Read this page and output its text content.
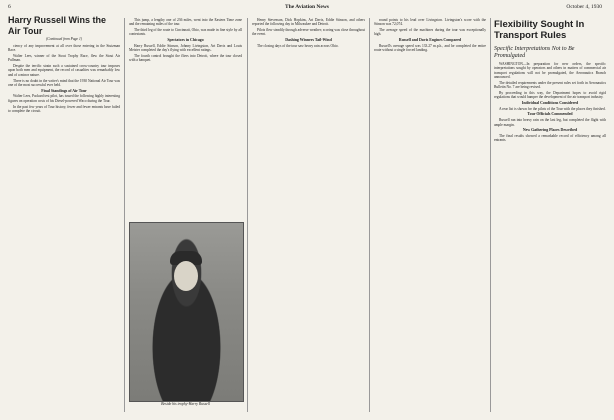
6	The Aviation News	October 4, 1930
Harry Russell Wins the Air Tour
(Continued from Page 1)

ciency of any improvement at all over those entering in the Stutzman Race.

Walter Lees, winner of the Stout Trophy Race, flew the Stout Air Pullman.

Despite the terrific strain such a sustained cross-country tour imposes upon both men and equipment, the record of casualties was remarkably low and of a minor nature.

There is no doubt in the writer's mind that the 1930 National Air Tour was one of the most successful ever held.

Final Standings of Air Tour

Walter Lees, Packard test pilot, has issued the following highly interesting figures on operation costs of his Diesel-powered Waco during the Tour.

In the past few years of Tour history, fewer and fewer entrants have failed to complete the circuit.

This jump, a lengthy one of 236 miles, went into the Eastern Time zone and the remaining miles of the tour.

The third leg of the route to Cincinnati, Ohio, was made in fine style by all contestants.

Spectators in Chicago

Harry Russell, Eddie Stinson, Johnny Livingston, Art Davis and Louis Meister completed the day's flying with excellent ratings.

The fourth control brought the fliers into Detroit, where the tour closed with a banquet.

Beside his trophy-Harry Russell

Henry Stevenson, Dick Hopkins, Art Davis, Eddie Stinson, and others reported the following day in Milwaukee and Detroit.

Pilots flew steadily through adverse weather; scoring was close throughout the event.

Dashing Winners Tail-Wind

The closing days of the tour saw heavy rain across Ohio.

round points to his lead over Livingston. Livingston's score with the Stinson was 72,074.

The average speed of the machines during the tour was exceptionally high.

Russell and Davis Engines Compared

Russell's average speed was 133.27 m.p.h., and he completed the entire route without a single forced landing.

Flexibility Sought In Transport Rules
Specific Interpretations Not to Be Promulgated

WASHINGTON—In preparation for new orders, the specific interpretations sought by operators and others in matters of commercial air transport regulations will not be promulgated, the Aeronautics Branch announced.

The detailed requirements under the present rules set forth in Aeronautics Bulletin No. 7 are being revised.

By proceeding in this way, the Department hopes to avoid rigid regulations that would hamper the development of the air transport industry.

Individual Conditions Considered

A rear list is shown for the pilots of the Tour with the places they finished.

Tour Officials Commended

Russell ran into heavy rain on the last leg, but completed the flight with ample margin.

New Gathering Places Described

The final results showed a remarkable record of efficiency among all entrants.
